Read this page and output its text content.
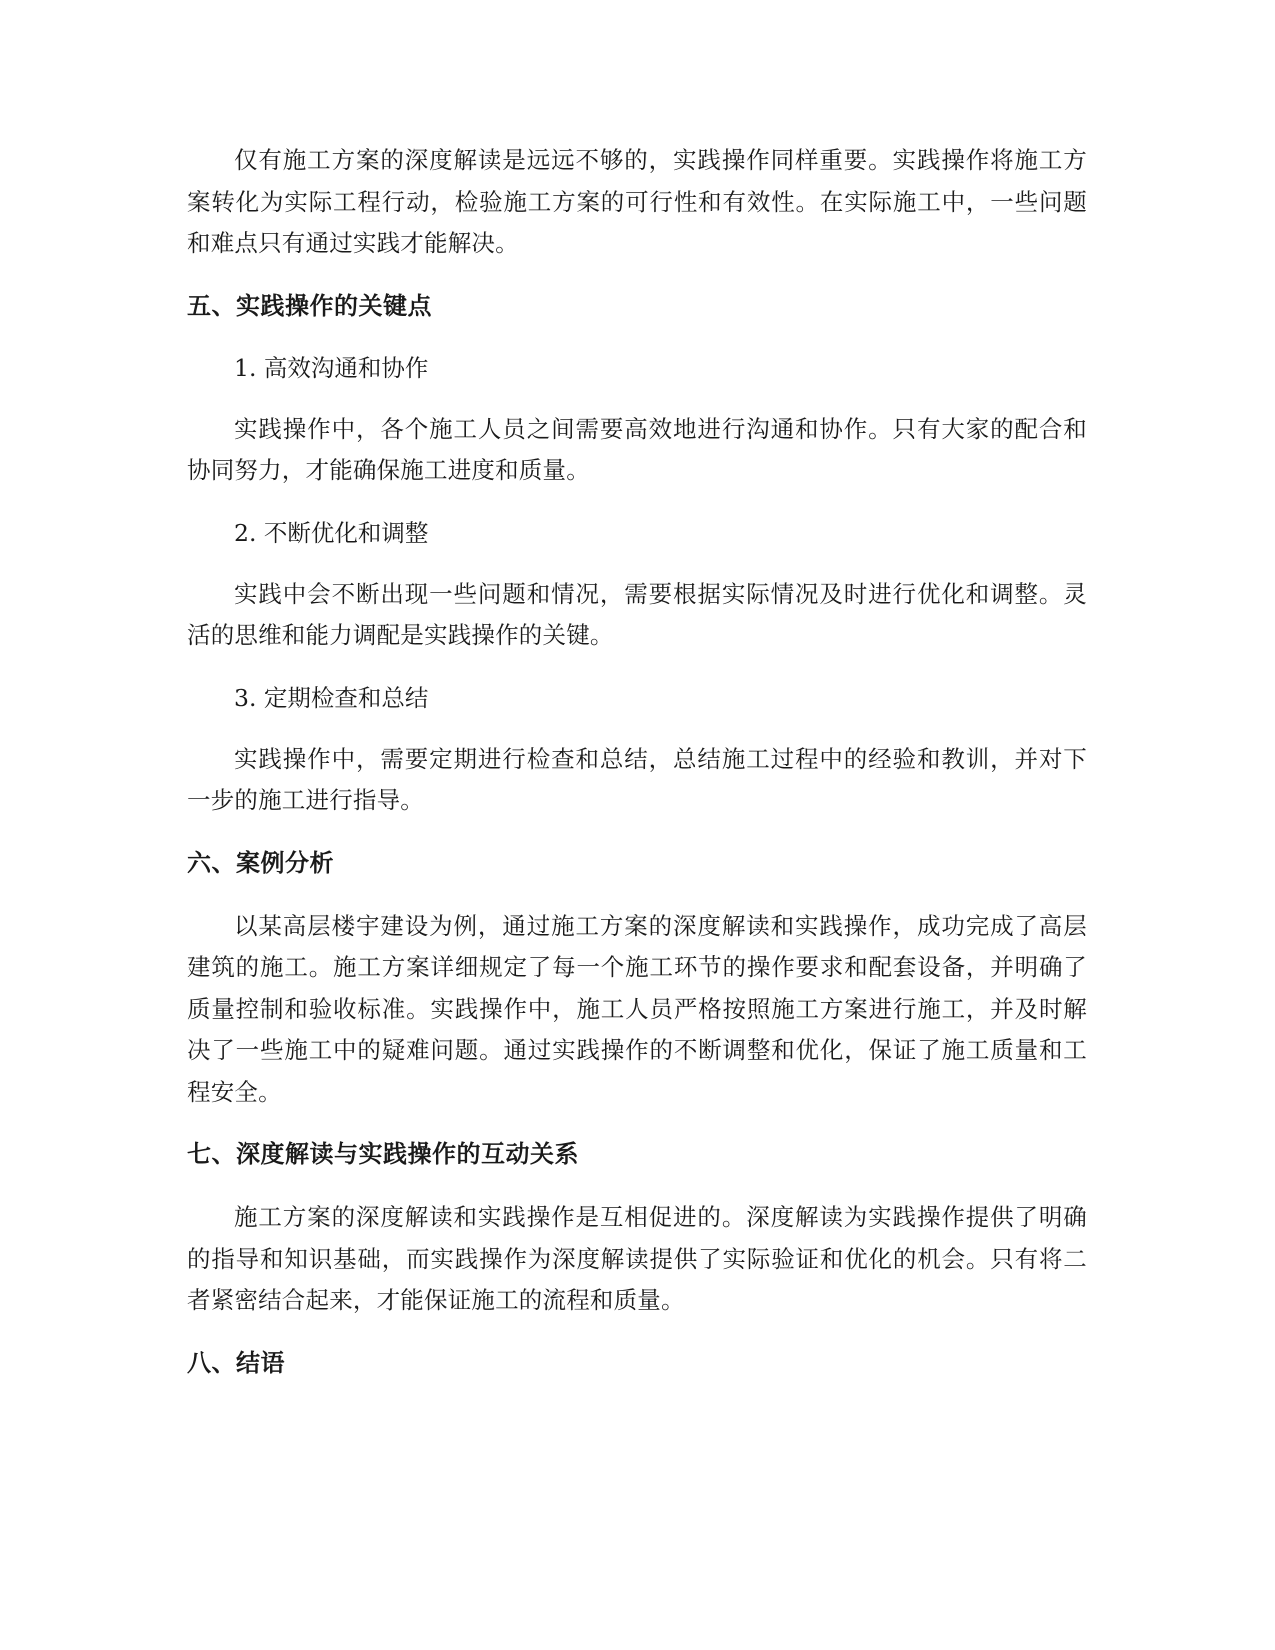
仅有施工方案的深度解读是远远不够的，实践操作同样重要。实践操作将施工方案转化为实际工程行动，检验施工方案的可行性和有效性。在实际施工中，一些问题和难点只有通过实践才能解决。

五、实践操作的关键点
1. 高效沟通和协作

实践操作中，各个施工人员之间需要高效地进行沟通和协作。只有大家的配合和协同努力，才能确保施工进度和质量。

2. 不断优化和调整

实践中会不断出现一些问题和情况，需要根据实际情况及时进行优化和调整。灵活的思维和能力调配是实践操作的关键。

3. 定期检查和总结

实践操作中，需要定期进行检查和总结，总结施工过程中的经验和教训，并对下一步的施工进行指导。

六、案例分析

以某高层楼宇建设为例，通过施工方案的深度解读和实践操作，成功完成了高层建筑的施工。施工方案详细规定了每一个施工环节的操作要求和配套设备，并明确了质量控制和验收标准。实践操作中，施工人员严格按照施工方案进行施工，并及时解决了一些施工中的疑难问题。通过实践操作的不断调整和优化，保证了施工质量和工程安全。

七、深度解读与实践操作的互动关系

施工方案的深度解读和实践操作是互相促进的。深度解读为实践操作提供了明确的指导和知识基础，而实践操作为深度解读提供了实际验证和优化的机会。只有将二者紧密结合起来，才能保证施工的流程和质量。

八、结语
